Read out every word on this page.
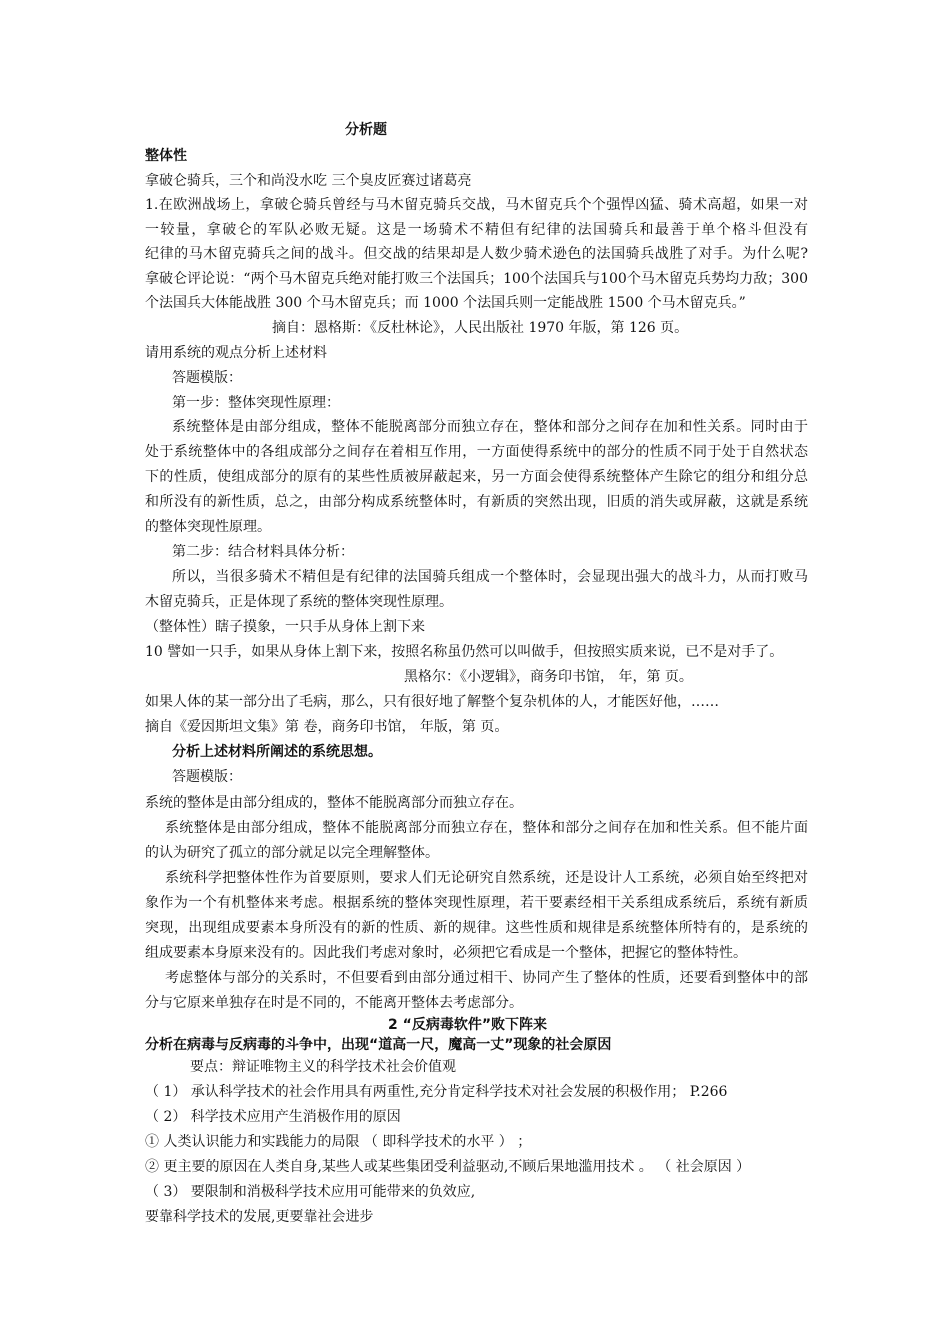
分析题
整体性
拿破仑骑兵，三个和尚没水吃 三个臭皮匠赛过诸葛亮
1.在欧洲战场上，拿破仑骑兵曾经与马木留克骑兵交战，马木留克兵个个强悍凶猛、骑术高超，如果一对
一较量，拿破仑的军队必败无疑。这是一场骑术不精但有纪律的法国骑兵和最善于单个格斗但没有
纪律的马木留克骑兵之间的战斗。但交战的结果却是人数少骑术逊色的法国骑兵战胜了对手。为什么呢?
拿破仑评论说：“两个马木留克兵绝对能打败三个法国兵；100个法国兵与100个马木留克兵势均力敌；300
个法国兵大体能战胜 300 个马木留克兵；而 1000 个法国兵则一定能战胜 1500 个马木留克兵。”
摘自：恩格斯：《反杜林论》，人民出版社 1970 年版，第 126 页。
请用系统的观点分析上述材料
答题模版：
第一步：整体突现性原理：
系统整体是由部分组成，整体不能脱离部分而独立存在，整体和部分之间存在加和性关系。同时由于
处于系统整体中的各组成部分之间存在着相互作用，一方面使得系统中的部分的性质不同于处于自然状态
下的性质，使组成部分的原有的某些性质被屏蔽起来，另一方面会使得系统整体产生除它的组分和组分总
和所没有的新性质，总之，由部分构成系统整体时，有新质的突然出现，旧质的消失或屏蔽，这就是系统
的整体突现性原理。
第二步：结合材料具体分析：
所以，当很多骑术不精但是有纪律的法国骑兵组成一个整体时，会显现出强大的战斗力，从而打败马
木留克骑兵，正是体现了系统的整体突现性原理。
（整体性）瞎子摸象，一只手从身体上割下来
10 譬如一只手，如果从身体上割下来，按照名称虽仍然可以叫做手，但按照实质来说，已不是对手了。
黑格尔：《小逻辑》，商务印书馆， 年，第 页。
如果人体的某一部分出了毛病，那么，只有很好地了解整个复杂机体的人，才能医好他，……
摘自《爱因斯坦文集》第 卷，商务印书馆， 年版，第 页。
分析上述材料所阐述的系统思想。
答题模版：
系统的整体是由部分组成的，整体不能脱离部分而独立存在。
系统整体是由部分组成，整体不能脱离部分而独立存在，整体和部分之间存在加和性关系。但不能片面
的认为研究了孤立的部分就足以完全理解整体。
系统科学把整体性作为首要原则，要求人们无论研究自然系统，还是设计人工系统，必须自始至终把对
象作为一个有机整体来考虑。根据系统的整体突现性原理，若干要素经相干关系组成系统后，系统有新质
突现，出现组成要素本身所没有的新的性质、新的规律。这些性质和规律是系统整体所特有的，是系统的
组成要素本身原来没有的。因此我们考虑对象时，必须把它看成是一个整体，把握它的整体特性。
考虑整体与部分的关系时，不但要看到由部分通过相干、协同产生了整体的性质，还要看到整体中的部
分与它原来单独存在时是不同的，不能离开整体去考虑部分。
2 “反病毒软件”败下阵来
分析在病毒与反病毒的斗争中，出现“道高一尺，魔高一丈”现象的社会原因
要点：辩证唯物主义的科学技术社会价值观
（ 1） 承认科学技术的社会作用具有两重性,充分肯定科学技术对社会发展的积极作用； P.266
（ 2） 科学技术应用产生消极作用的原因
① 人类认识能力和实践能力的局限 （ 即科学技术的水平 ） ；
② 更主要的原因在人类自身,某些人或某些集团受利益驱动,不顾后果地滥用技术 。 （ 社会原因 ）
（ 3） 要限制和消极科学技术应用可能带来的负效应,
要靠科学技术的发展,更要靠社会进步
